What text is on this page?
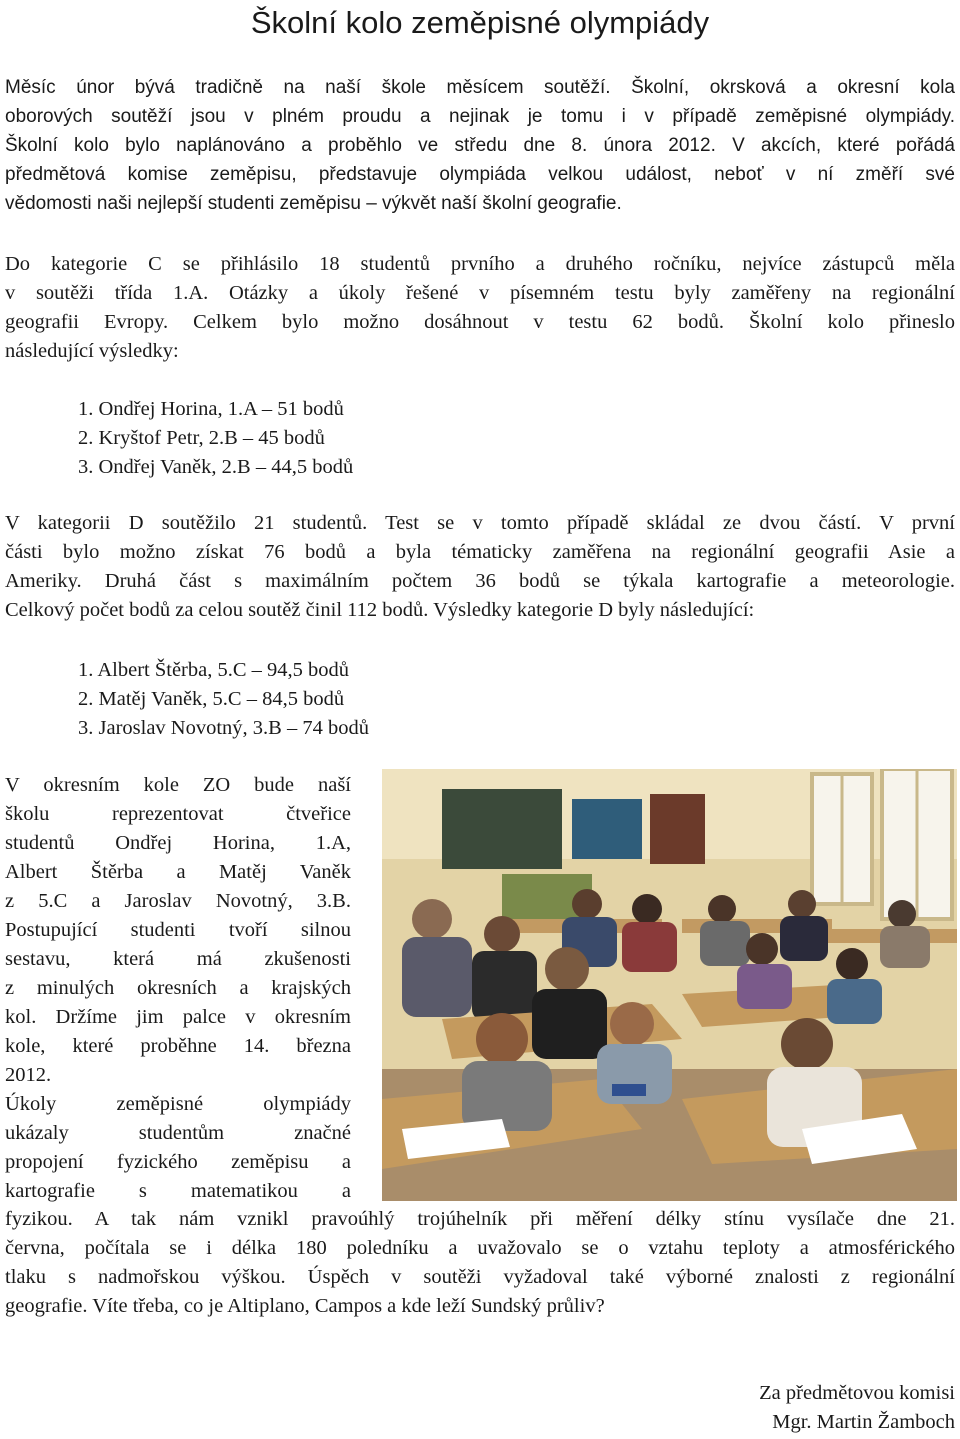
Školní kolo zeměpisné olympiády

Měsíc únor bývá tradičně na naší škole měsícem soutěží. Školní, okrsková a okresní kola
oborových soutěží jsou v plném proudu a nejinak je tomu i v případě zeměpisné olympiády.
Školní kolo bylo naplánováno a proběhlo ve středu dne 8. února 2012. V akcích, které pořádá
předmětová komise zeměpisu, představuje olympiáda velkou událost, neboť v ní změří své
vědomosti naši nejlepší studenti zeměpisu – výkvět naší školní geografie.

Do kategorie C se přihlásilo 18 studentů prvního a druhého ročníku, nejvíce zástupců měla
v soutěži třída 1.A. Otázky a úkoly řešené v písemném testu byly zaměřeny na regionální
geografii Evropy. Celkem bylo možno dosáhnout v testu 62 bodů. Školní kolo přineslo
následující výsledky:

1. Ondřej Horina, 1.A – 51 bodů
2. Kryštof Petr, 2.B – 45 bodů
3. Ondřej Vaněk, 2.B – 44,5 bodů

V kategorii D soutěžilo 21 studentů. Test se v tomto případě skládal ze dvou částí. V první
části bylo možno získat 76 bodů a byla tématicky zaměřena na regionální geografii Asie a
Ameriky. Druhá část s maximálním počtem 36 bodů se týkala kartografie a meteorologie.
Celkový počet bodů za celou soutěž činil 112 bodů. Výsledky kategorie D byly následující:

1. Albert Štěrba, 5.C – 94,5 bodů
2. Matěj Vaněk, 5.C – 84,5 bodů
3. Jaroslav Novotný, 3.B – 74 bodů

V okresním kole ZO bude naší
školu reprezentovat čtveřice
studentů Ondřej Horina, 1.A,
Albert Štěrba a Matěj Vaněk
z 5.C a Jaroslav Novotný, 3.B.
Postupující studenti tvoří silnou
sestavu, která má zkušenosti
z minulých okresních a krajských
kol. Držíme jim palce v okresním
kole, které proběhne 14. března
2012.
Úkoly zeměpisné olympiády
ukázaly studentům značné
propojení fyzického zeměpisu a
kartografie s matematikou a

fyzikou. A tak nám vznikl pravoúhlý trojúhelník při měření délky stínu vysílače dne 21.
června, počítala se i délka 180 poledníku a uvažovalo se o vztahu teploty a atmosférického
tlaku s nadmořskou výškou. Úspěch v soutěži vyžadoval také výborné znalosti z regionální
geografie. Víte třeba, co je Altiplano, Campos a kde leží Sundský průliv?

Za předmětovou komisi
Mgr. Martin Žamboch
